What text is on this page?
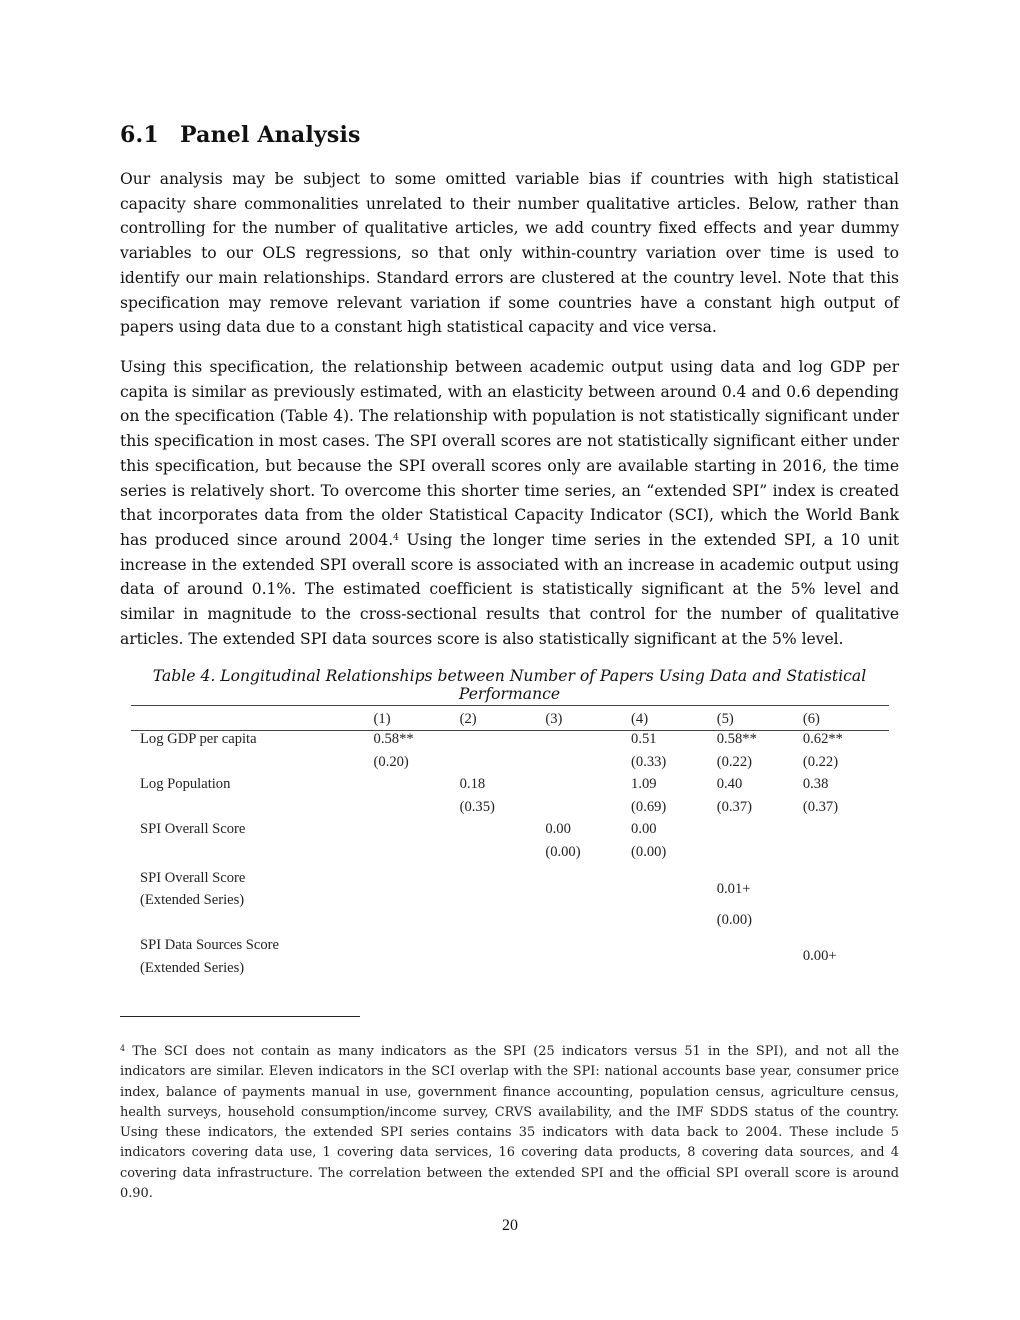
6.1 Panel Analysis

Our analysis may be subject to some omitted variable bias if countries with high statistical capacity share commonalities unrelated to their number qualitative articles. Below, rather than controlling for the number of qualitative articles, we add country fixed effects and year dummy variables to our OLS regressions, so that only within-country variation over time is used to identify our main relationships. Standard errors are clustered at the country level. Note that this specification may remove relevant variation if some countries have a constant high output of papers using data due to a constant high statistical capacity and vice versa.

Using this specification, the relationship between academic output using data and log GDP per capita is similar as previously estimated, with an elasticity between around 0.4 and 0.6 depending on the specification (Table 4). The relationship with population is not statistically significant under this specification in most cases. The SPI overall scores are not statistically significant either under this specification, but because the SPI overall scores only are available starting in 2016, the time series is relatively short. To overcome this shorter time series, an “extended SPI” index is created that incorporates data from the older Statistical Capacity Indicator (SCI), which the World Bank has produced since around 2004.$^4$ Using the longer time series in the extended SPI, a 10 unit increase in the extended SPI overall score is associated with an increase in academic output using data of around 0.1%. The estimated coefficient is statistically significant at the 5% level and similar in magnitude to the cross-sectional results that control for the number of qualitative articles. The extended SPI data sources score is also statistically significant at the 5% level.

Table 4. Longitudinal Relationships between Number of Papers Using Data and Statistical Performance

	(1)	(2)	(3)	(4)	(5)	(6)
Log GDP per capita	0.58**			0.51	0.58**	0.62**
	(0.20)			(0.33)	(0.22)	(0.22)
Log Population		0.18		1.09	0.40	0.38
		(0.35)		(0.69)	(0.37)	(0.37)
SPI Overall Score			0.00	0.00		
			(0.00)	(0.00)		

SPI Overall Score
(Extended Series)					0.01+	
					(0.00)	

SPI Data Sources Score
(Extended Series)						0.00+

$^4$ The SCI does not contain as many indicators as the SPI (25 indicators versus 51 in the SPI), and not all the indicators are similar. Eleven indicators in the SCI overlap with the SPI: national accounts base year, consumer price index, balance of payments manual in use, government finance accounting, population census, agriculture census, health surveys, household consumption/income survey, CRVS availability, and the IMF SDDS status of the country. Using these indicators, the extended SPI series contains 35 indicators with data back to 2004. These include 5 indicators covering data use, 1 covering data services, 16 covering data products, 8 covering data sources, and 4 covering data infrastructure. The correlation between the extended SPI and the official SPI overall score is around 0.90.

20
